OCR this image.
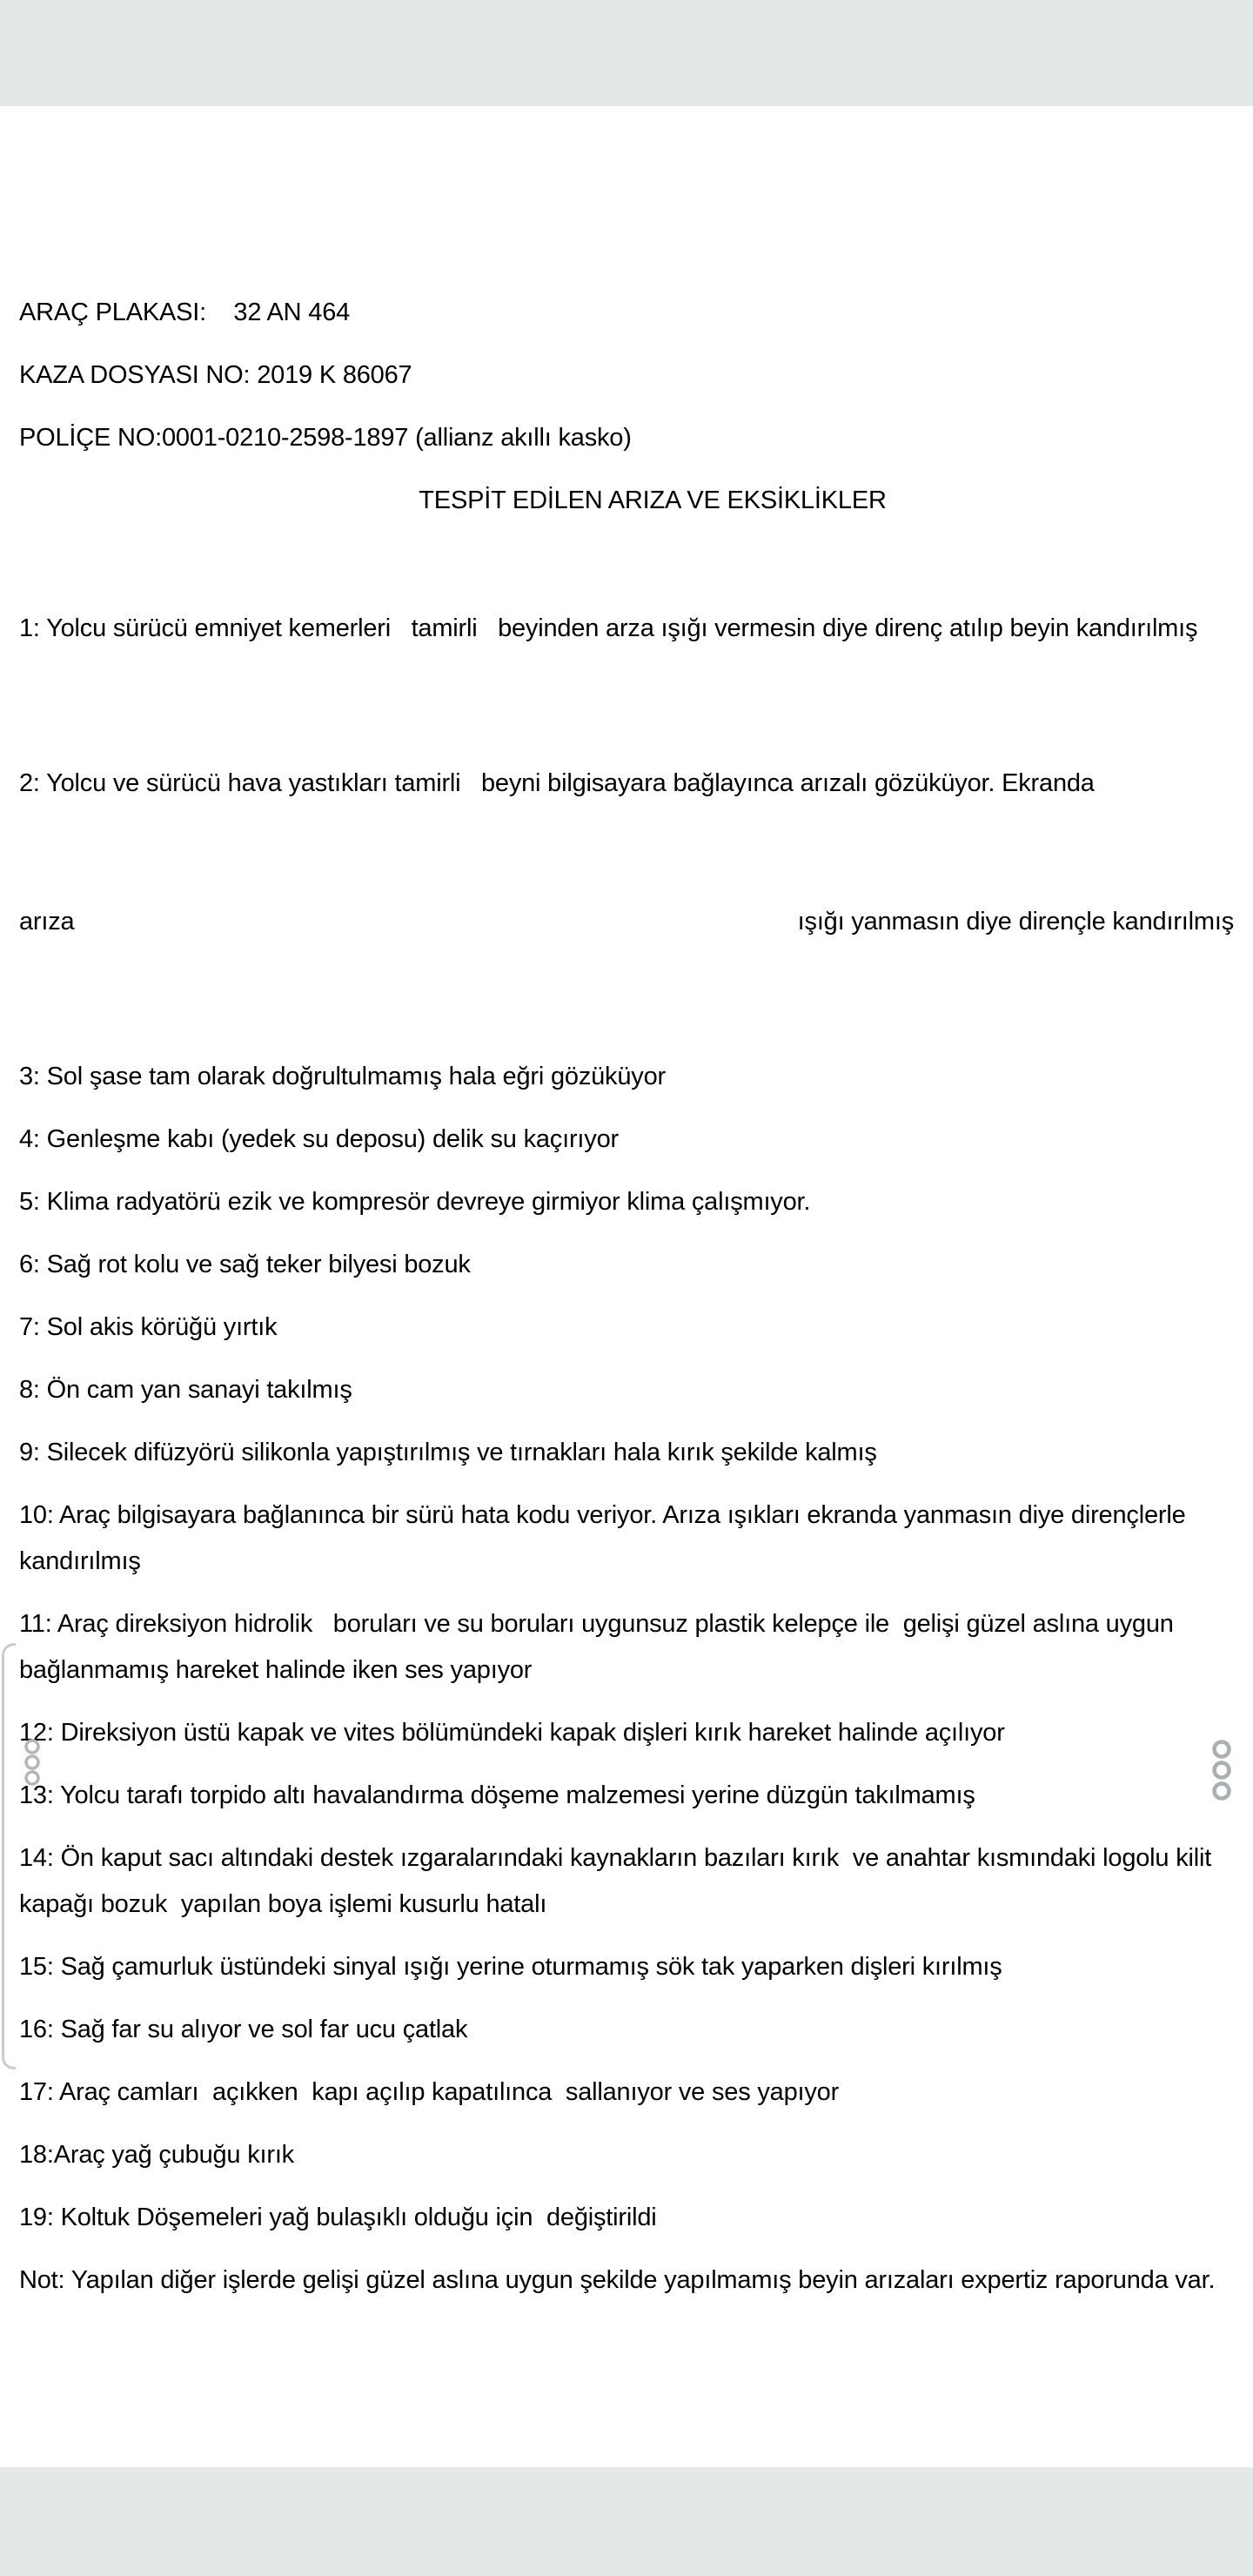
ARAÇ PLAKASI:    32 AN 464

KAZA DOSYASI NO: 2019 K 86067

POLİÇE NO:0001-0210-2598-1897 (allianz akıllı kasko)

TESPİT EDİLEN ARIZA VE EKSİKLİKLER

1: Yolcu sürücü emniyet kemerleri   tamirli   beyinden arza ışığı vermesin diye direnç atılıp beyin kandırılmış

2: Yolcu ve sürücü hava yastıkları tamirli   beyni bilgisayara bağlayınca arızalı gözüküyor. Ekranda

arıza	ışığı yanmasın diye dirençle kandırılmış

3: Sol şase tam olarak doğrultulmamış hala eğri gözüküyor

4: Genleşme kabı (yedek su deposu) delik su kaçırıyor

5: Klima radyatörü ezik ve kompresör devreye girmiyor klima çalışmıyor.

6: Sağ rot kolu ve sağ teker bilyesi bozuk

7: Sol akis körüğü yırtık

8: Ön cam yan sanayi takılmış

9: Silecek difüzyörü silikonla yapıştırılmış ve tırnakları hala kırık şekilde kalmış

10: Araç bilgisayara bağlanınca bir sürü hata kodu veriyor. Arıza ışıkları ekranda yanmasın diye dirençlerle kandırılmış

11: Araç direksiyon hidrolik   boruları ve su boruları uygunsuz plastik kelepçe ile  gelişi güzel aslına uygun bağlanmamış hareket halinde iken ses yapıyor

12: Direksiyon üstü kapak ve vites bölümündeki kapak dişleri kırık hareket halinde açılıyor

13: Yolcu tarafı torpido altı havalandırma döşeme malzemesi yerine düzgün takılmamış

14: Ön kaput sacı altındaki destek ızgaralarındaki kaynakların bazıları kırık  ve anahtar kısmındaki logolu kilit kapağı bozuk  yapılan boya işlemi kusurlu hatalı

15: Sağ çamurluk üstündeki sinyal ışığı yerine oturmamış sök tak yaparken dişleri kırılmış

16: Sağ far su alıyor ve sol far ucu çatlak

17: Araç camları  açıkken  kapı açılıp kapatılınca  sallanıyor ve ses yapıyor

18:Araç yağ çubuğu kırık

19: Koltuk Döşemeleri yağ bulaşıklı olduğu için  değiştirildi

Not: Yapılan diğer işlerde gelişi güzel aslına uygun şekilde yapılmamış beyin arızaları expertiz raporunda var.
